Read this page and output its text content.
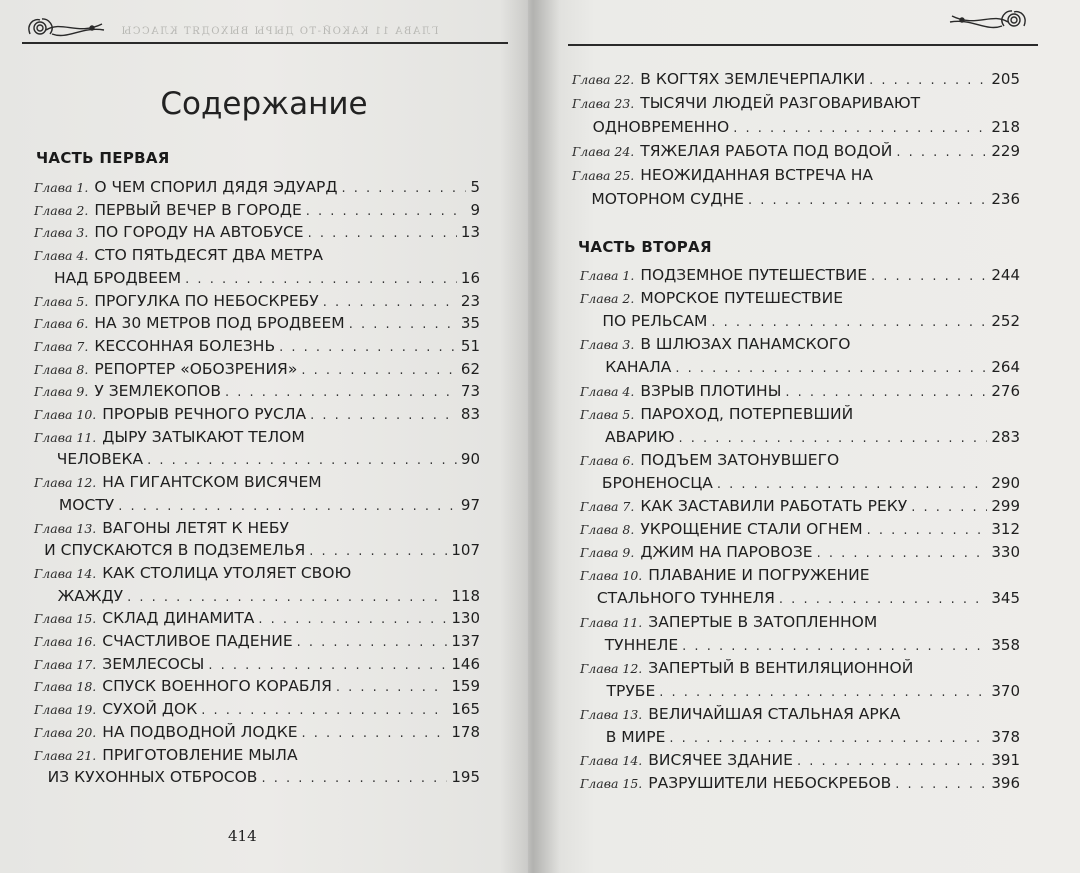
ГЛАВА 11 КАКОЙ-ТО ДЫРЫ ВЫХОДЯТ КЛАССЫ
Содержание
ЧАСТЬ ПЕРВАЯ
Глава 1. О ЧЕМ СПОРИЛ ДЯДЯ ЭДУАРД . . .	5
Глава 2. ПЕРВЫЙ ВЕЧЕР В ГОРОДЕ . . .	9
Глава 3. ПО ГОРОДУ НА АВТОБУСЕ . . .	13
Глава 4. СТО ПЯТЬДЕСЯТ ДВА МЕТРА
НАД БРОДВЕЕМ . . .	16
Глава 5. ПРОГУЛКА ПО НЕБОСКРЕБУ . . .	23
Глава 6. НА 30 МЕТРОВ ПОД БРОДВЕЕМ . . .	35
Глава 7. КЕССОННАЯ БОЛЕЗНЬ . . .	51
Глава 8. РЕПОРТЕР «ОБОЗРЕНИЯ» . . .	62
Глава 9. У ЗЕМЛЕКОПОВ . . .	73
Глава 10. ПРОРЫВ РЕЧНОГО РУСЛА . . .	83
Глава 11. ДЫРУ ЗАТЫКАЮТ ТЕЛОМ
ЧЕЛОВЕКА . . .	90
Глава 12. НА ГИГАНТСКОМ ВИСЯЧЕМ
МОСТУ . . .	97
Глава 13. ВАГОНЫ ЛЕТЯТ К НЕБУ
И СПУСКАЮТСЯ В ПОДЗЕМЕЛЬЯ . . .	107
Глава 14. КАК СТОЛИЦА УТОЛЯЕТ СВОЮ
ЖАЖДУ . . .	118
Глава 15. СКЛАД ДИНАМИТА . . .	130
Глава 16. СЧАСТЛИВОЕ ПАДЕНИЕ . . .	137
Глава 17. ЗЕМЛЕСОСЫ . . .	146
Глава 18. СПУСК ВОЕННОГО КОРАБЛЯ . . .	159
Глава 19. СУХОЙ ДОК . . .	165
Глава 20. НА ПОДВОДНОЙ ЛОДКЕ . . .	178
Глава 21. ПРИГОТОВЛЕНИЕ МЫЛА
ИЗ КУХОННЫХ ОТБРОСОВ . . .	195
414
Глава 22. В КОГТЯХ ЗЕМЛЕЧЕРПАЛКИ . . .	205
Глава 23. ТЫСЯЧИ ЛЮДЕЙ РАЗГОВАРИВАЮТ
ОДНОВРЕМЕННО . . .	218
Глава 24. ТЯЖЕЛАЯ РАБОТА ПОД ВОДОЙ . . .	229
Глава 25. НЕОЖИДАННАЯ ВСТРЕЧА НА
МОТОРНОМ СУДНЕ . . .	236
ЧАСТЬ ВТОРАЯ
Глава 1. ПОДЗЕМНОЕ ПУТЕШЕСТВИЕ . . .	244
Глава 2. МОРСКОЕ ПУТЕШЕСТВИЕ
ПО РЕЛЬСАМ . . .	252
Глава 3. В ШЛЮЗАХ ПАНАМСКОГО
КАНАЛА . . .	264
Глава 4. ВЗРЫВ ПЛОТИНЫ . . .	276
Глава 5. ПАРОХОД, ПОТЕРПЕВШИЙ
АВАРИЮ . . .	283
Глава 6. ПОДЪЕМ ЗАТОНУВШЕГО
БРОНЕНОСЦА . . .	290
Глава 7. КАК ЗАСТАВИЛИ РАБОТАТЬ РЕКУ . . .	299
Глава 8. УКРОЩЕНИЕ СТАЛИ ОГНЕМ . . .	312
Глава 9. ДЖИМ НА ПАРОВОЗЕ . . .	330
Глава 10. ПЛАВАНИЕ И ПОГРУЖЕНИЕ
СТАЛЬНОГО ТУННЕЛЯ . . .	345
Глава 11. ЗАПЕРТЫЕ В ЗАТОПЛЕННОМ
ТУННЕЛЕ . . .	358
Глава 12. ЗАПЕРТЫЙ В ВЕНТИЛЯЦИОННОЙ
ТРУБЕ . . .	370
Глава 13. ВЕЛИЧАЙШАЯ СТАЛЬНАЯ АРКА
В МИРЕ . . .	378
Глава 14. ВИСЯЧЕЕ ЗДАНИЕ . . .	391
Глава 15. РАЗРУШИТЕЛИ НЕБОСКРЕБОВ . . .	396
